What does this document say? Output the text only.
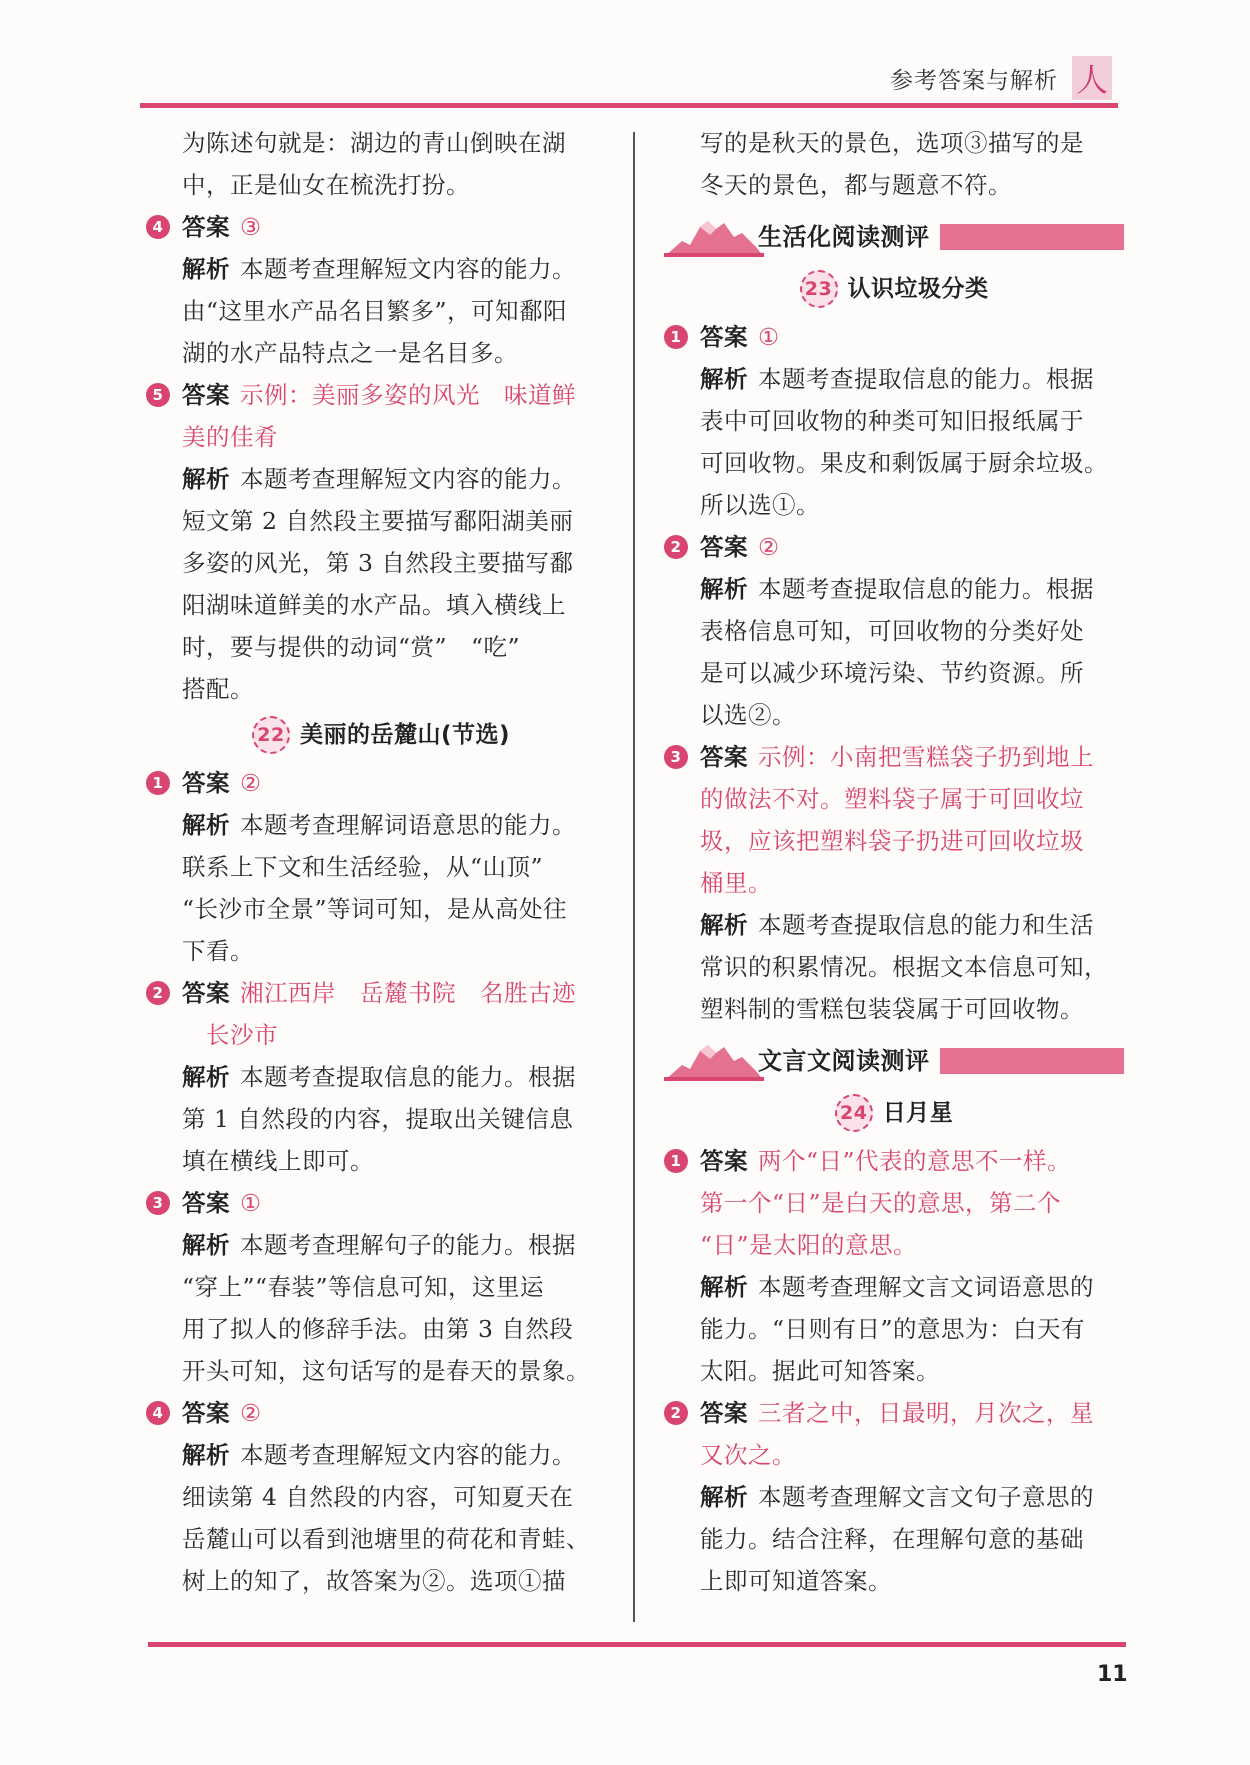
参考答案与解析 人

为陈述句就是：湖边的青山倒映在湖

中，正是仙女在梳洗打扮。

4 答案 ③

解析 本题考查理解短文内容的能力。

由“这里水产品名目繁多”，可知鄱阳

湖的水产品特点之一是名目多。

5 答案 示例：美丽多姿的风光　味道鲜

美的佳肴

解析 本题考查理解短文内容的能力。

短文第 2 自然段主要描写鄱阳湖美丽

多姿的风光，第 3 自然段主要描写鄱

阳湖味道鲜美的水产品。填入横线上

时，要与提供的动词“赏”　“吃”

搭配。

22 美丽的岳麓山(节选)
1 答案 ②

解析 本题考查理解词语意思的能力。

联系上下文和生活经验，从“山顶”

“长沙市全景”等词可知，是从高处往

下看。

2 答案 湘江西岸　岳麓书院　名胜古迹

长沙市

解析 本题考查提取信息的能力。根据

第 1 自然段的内容，提取出关键信息

填在横线上即可。

3 答案 ①

解析 本题考查理解句子的能力。根据

“穿上”“春装”等信息可知，这里运

用了拟人的修辞手法。由第 3 自然段

开头可知，这句话写的是春天的景象。

4 答案 ②

解析 本题考查理解短文内容的能力。

细读第 4 自然段的内容，可知夏天在

岳麓山可以看到池塘里的荷花和青蛙、

树上的知了，故答案为②。选项①描

写的是秋天的景色，选项③描写的是

冬天的景色，都与题意不符。

生活化阅读测评
23 认识垃圾分类
1 答案 ①

解析 本题考查提取信息的能力。根据

表中可回收物的种类可知旧报纸属于

可回收物。果皮和剩饭属于厨余垃圾。

所以选①。

2 答案 ②

解析 本题考查提取信息的能力。根据

表格信息可知，可回收物的分类好处

是可以减少环境污染、节约资源。所

以选②。

3 答案 示例：小南把雪糕袋子扔到地上

的做法不对。塑料袋子属于可回收垃

圾，应该把塑料袋子扔进可回收垃圾

桶里。

解析 本题考查提取信息的能力和生活

常识的积累情况。根据文本信息可知，

塑料制的雪糕包装袋属于可回收物。

文言文阅读测评
24 日月星
1 答案 两个“日”代表的意思不一样。

第一个“日”是白天的意思，第二个

“日”是太阳的意思。

解析 本题考查理解文言文词语意思的

能力。“日则有日”的意思为：白天有

太阳。据此可知答案。

2 答案 三者之中，日最明，月次之，星

又次之。

解析 本题考查理解文言文句子意思的

能力。结合注释，在理解句意的基础

上即可知道答案。

11
